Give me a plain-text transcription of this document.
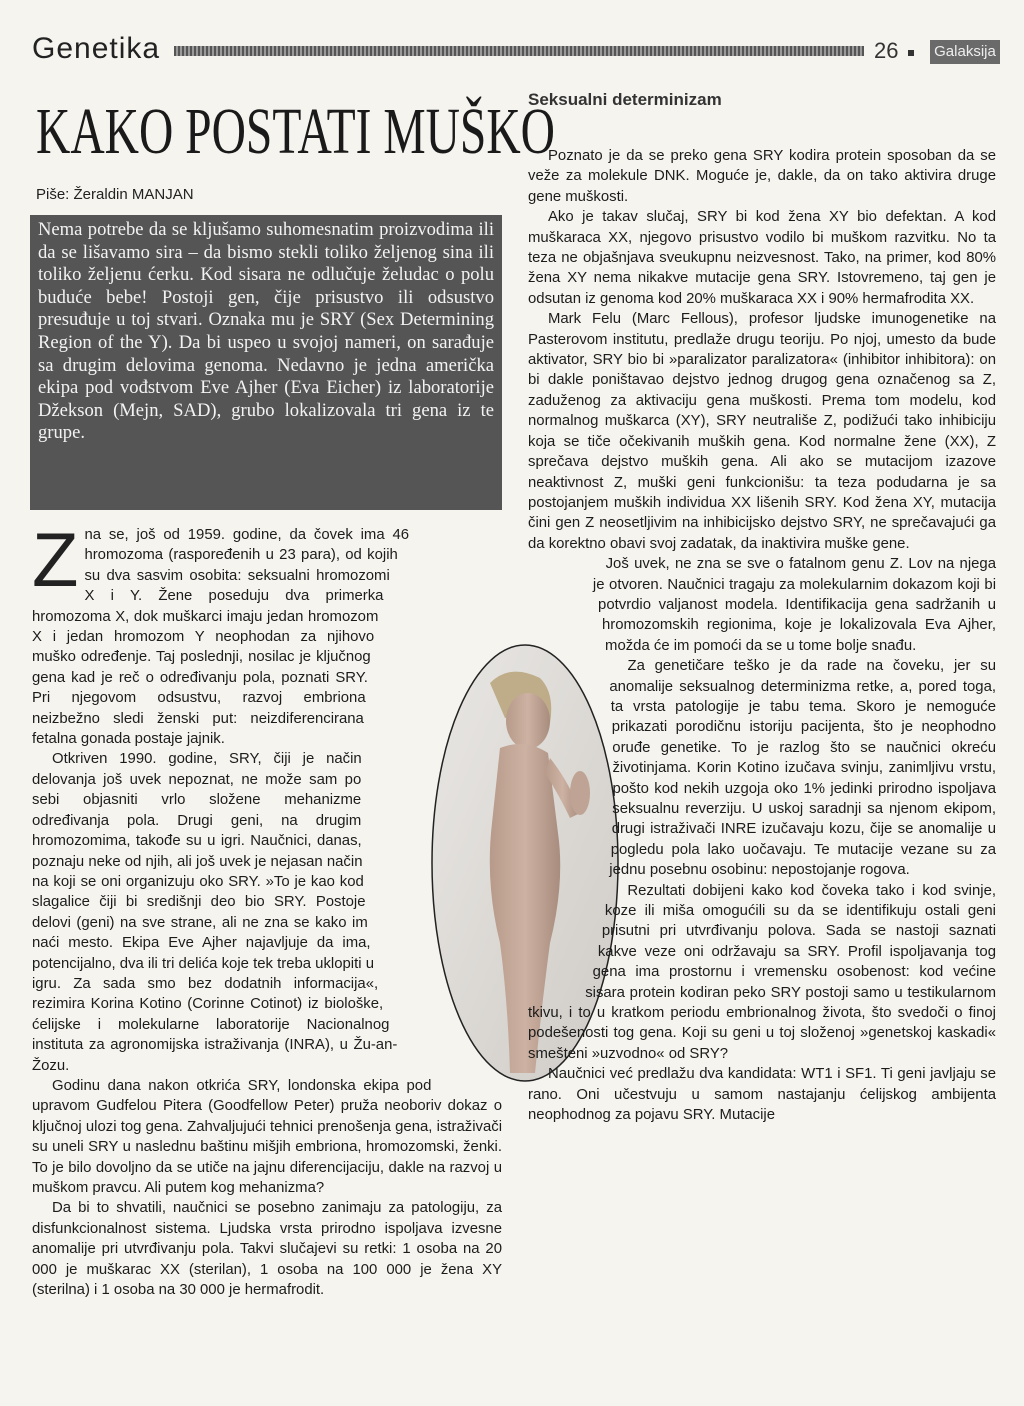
Genetika	26 Galaksija
KAKO POSTATI MUŠKO
Piše: Žeraldin MANJAN

Nema potrebe da se kljušamo suhomesnatim proizvodima ili da se lišavamo sira – da bismo stekli toliko željenog sina ili toliko željenu ćerku. Kod sisara ne odlučuje želudac o polu buduće bebe! Postoji gen, čije prisustvo ili odsustvo presuđuje u toj stvari. Oznaka mu je SRY (Sex Determining Region of the Y). Da bi uspeo u svojoj nameri, on sarađuje sa drugim delovima genoma. Nedavno je jedna američka ekipa pod vođstvom Eve Ajher (Eva Eicher) iz laboratorije Džekson (Mejn, SAD), grubo lokalizovala tri gena iz te grupe.

Zna se, još od 1959. godine, da čovek ima 46 hromozoma (raspoređenih u 23 para), od kojih su dva sasvim osobita: seksualni hromozomi X i Y. Žene poseduju dva primerka hromozoma X, dok muškarci imaju jedan hromozom X i jedan hromozom Y neophodan za njihovo muško određenje. Taj poslednji, nosilac je ključnog gena kad je reč o određivanju pola, poznati SRY. Pri njegovom odsustvu, razvoj embriona neizbežno sledi ženski put: neizdiferencirana fetalna gonada postaje jajnik.

Otkriven 1990. godine, SRY, čiji je način delovanja još uvek nepoznat, ne može sam po sebi objasniti vrlo složene mehanizme određivanja pola. Drugi geni, na drugim hromozomima, takođe su u igri. Naučnici, danas, poznaju neke od njih, ali još uvek je nejasan način na koji se oni organizuju oko SRY. »To je kao kod slagalice čiji bi središnji deo bio SRY. Postoje delovi (geni) na sve strane, ali ne zna se kako im naći mesto. Ekipa Eve Ajher najavljuje da ima, potencijalno, dva ili tri delića koje tek treba uklopiti u igru. Za sada smo bez dodatnih informacija«, rezimira Korina Kotino (Corinne Cotinot) iz biološke, ćelijske i molekularne laboratorije Nacionalnog instituta za agronomijska istraživanja (INRA), u Žu-an-Žozu.

Godinu dana nakon otkrića SRY, londonska ekipa pod upravom Gudfelou Pitera (Goodfellow Peter) pruža neoboriv dokaz o ključnoj ulozi tog gena. Zahvaljujući tehnici prenošenja gena, istraživači su uneli SRY u naslednu baštinu mišjih embriona, hromozomski, ženki. To je bilo dovoljno da se utiče na jajnu diferencijaciju, dakle na razvoj u muškom pravcu. Ali putem kog mehanizma?

Da bi to shvatili, naučnici se posebno zanimaju za patologiju, za disfunkcionalnost sistema. Ljudska vrsta prirodno ispoljava izvesne anomalije pri utvrđivanju pola. Takvi slučajevi su retki: 1 osoba na 20 000 je muškarac XX (sterilan), 1 osoba na 100 000 je žena XY (sterilna) i 1 osoba na 30 000 je hermafrodit.

Seksualni determinizam

Poznato je da se preko gena SRY kodira protein sposoban da se veže za molekule DNK. Moguće je, dakle, da on tako aktivira druge gene muškosti.

Ako je takav slučaj, SRY bi kod žena XY bio defektan. A kod muškaraca XX, njegovo prisustvo vodilo bi muškom razvitku. No ta teza ne objašnjava sveukupnu neizvesnost. Tako, na primer, kod 80% žena XY nema nikakve mutacije gena SRY. Istovremeno, taj gen je odsutan iz genoma kod 20% muškaraca XX i 90% hermafrodita XX.

Mark Felu (Marc Fellous), profesor ljudske imunogenetike na Pasterovom institutu, predlaže drugu teoriju. Po njoj, umesto da bude aktivator, SRY bio bi »paralizator paralizatora« (inhibitor inhibitora): on bi dakle poništavao dejstvo jednog drugog gena označenog sa Z, zaduženog za aktivaciju gena muškosti. Prema tom modelu, kod normalnog muškarca (XY), SRY neutrališe Z, podižući tako inhibiciju koja se tiče očekivanih muških gena. Kod normalne žene (XX), Z sprečava dejstvo muških gena. Ali ako se mutacijom izazove neaktivnost Z, muški geni funkcionišu: ta teza podudarna je sa postojanjem muških individua XX lišenih SRY. Kod žena XY, mutacija čini gen Z neosetljivim na inhibicijsko dejstvo SRY, ne sprečavajući ga da korektno obavi svoj zadatak, da inaktivira muške gene.

Još uvek, ne zna se sve o fatalnom genu Z. Lov na njega je otvoren. Naučnici tragaju za molekularnim dokazom koji bi potvrdio valjanost modela. Identifikacija gena sadržanih u hromozomskih regionima, koje je lokalizovala Eva Ajher, možda će im pomoći da se u tome bolje snađu.

Za genetičare teško je da rade na čoveku, jer su anomalije seksualnog determinizma retke, a, pored toga, ta vrsta patologije je tabu tema. Skoro je nemoguće prikazati porodičnu istoriju pacijenta, što je neophodno oruđe genetike. To je razlog što se naučnici okreću životinjama. Korin Kotino izučava svinju, zanimljivu vrstu, pošto kod nekih uzgoja oko 1% jedinki prirodno ispoljava seksualnu reverziju. U uskoj saradnji sa njenom ekipom, drugi istraživači INRE izučavaju kozu, čije se anomalije u pogledu pola lako uočavaju. Te mutacije vezane su za jednu posebnu osobinu: nepostojanje rogova.

Rezultati dobijeni kako kod čoveka tako i kod svinje, koze ili miša omogućili su da se identifikuju ostali geni prisutni pri utvrđivanju polova. Sada se nastoji saznati kakve veze oni održavaju sa SRY. Profil ispoljavanja tog gena ima prostornu i vremensku osobenost: kod većine sisara protein kodiran peko SRY postoji samo u testikularnom tkivu, i to u kratkom periodu embrionalnog života, što svedoči o finoj podešenosti tog gena. Koji su geni u toj složenoj »genetskoj kaskadi« smešteni »uzvodno« od SRY?

Naučnici već predlažu dva kandidata: WT1 i SF1. Ti geni javljaju se rano. Oni učestvuju u samom nastajanju ćelijskog ambijenta neophodnog za pojavu SRY. Mutacije
